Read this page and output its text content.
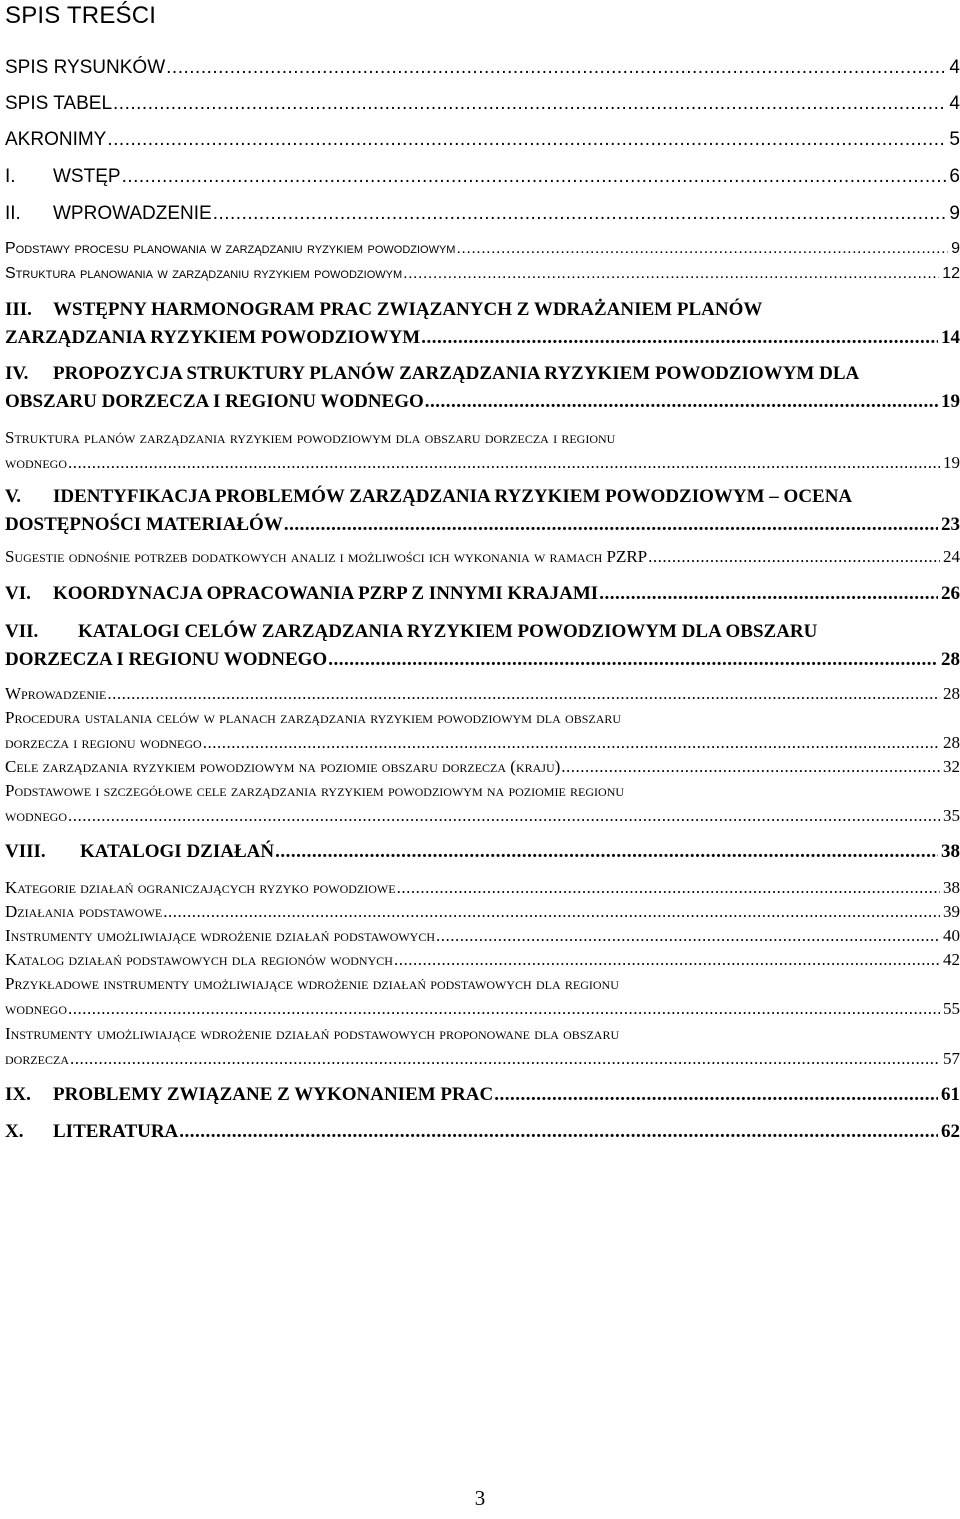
SPIS TREŚCI
SPIS RYSUNKÓW .....	4
SPIS TABEL .....	4
AKRONIMY .....	5
I.	WSTĘP .....	6
II.	WPROWADZENIE .....	9
Podstawy procesu planowania w zarządzaniu ryzykiem powodziowym .....	9
Struktura planowania w zarządzaniu ryzykiem powodziowym .....	12
III. WSTĘPNY HARMONOGRAM PRAC ZWIĄZANYCH Z WDRAŻANIEM PLANÓW
ZARZĄDZANIA RYZYKIEM POWODZIOWYM .....	14
IV. PROPOZYCJA STRUKTURY PLANÓW ZARZĄDZANIA RYZYKIEM POWODZIOWYM DLA
OBSZARU DORZECZA I REGIONU WODNEGO .....	19
Struktura planów zarządzania ryzykiem powodziowym dla obszaru dorzecza i regionu
wodnego .....	19
V. IDENTYFIKACJA PROBLEMÓW ZARZĄDZANIA RYZYKIEM POWODZIOWYM – OCENA
DOSTĘPNOŚCI MATERIAŁÓW .....	23
Sugestie odnośnie potrzeb dodatkowych analiz i możliwości ich wykonania w ramach PZRP .....	24
VI.	KOORDYNACJA OPRACOWANIA PZRP Z INNYMI KRAJAMI .....	26
VII. KATALOGI CELÓW ZARZĄDZANIA RYZYKIEM POWODZIOWYM DLA OBSZARU
DORZECZA I REGIONU WODNEGO .....	28
Wprowadzenie .....	28
Procedura ustalania celów w planach zarządzania ryzykiem powodziowym dla obszaru
dorzecza i regionu wodnego .....	28
Cele zarządzania ryzykiem powodziowym na poziomie obszaru dorzecza (kraju) .....	32
Podstawowe i szczegółowe cele zarządzania ryzykiem powodziowym na poziomie regionu
wodnego .....	35
VIII.	KATALOGI DZIAŁAŃ .....	38
Kategorie działań ograniczających ryzyko powodziowe .....	38
Działania podstawowe .....	39
Instrumenty umożliwiające wdrożenie działań podstawowych .....	40
Katalog działań podstawowych dla regionów wodnych .....	42
Przykładowe instrumenty umożliwiające wdrożenie działań podstawowych dla regionu
wodnego .....	55
Instrumenty umożliwiające wdrożenie działań podstawowych proponowane dla obszaru
dorzecza .....	57
IX.	PROBLEMY ZWIĄZANE Z WYKONANIEM PRAC .....	61
X.	LITERATURA .....	62
3
